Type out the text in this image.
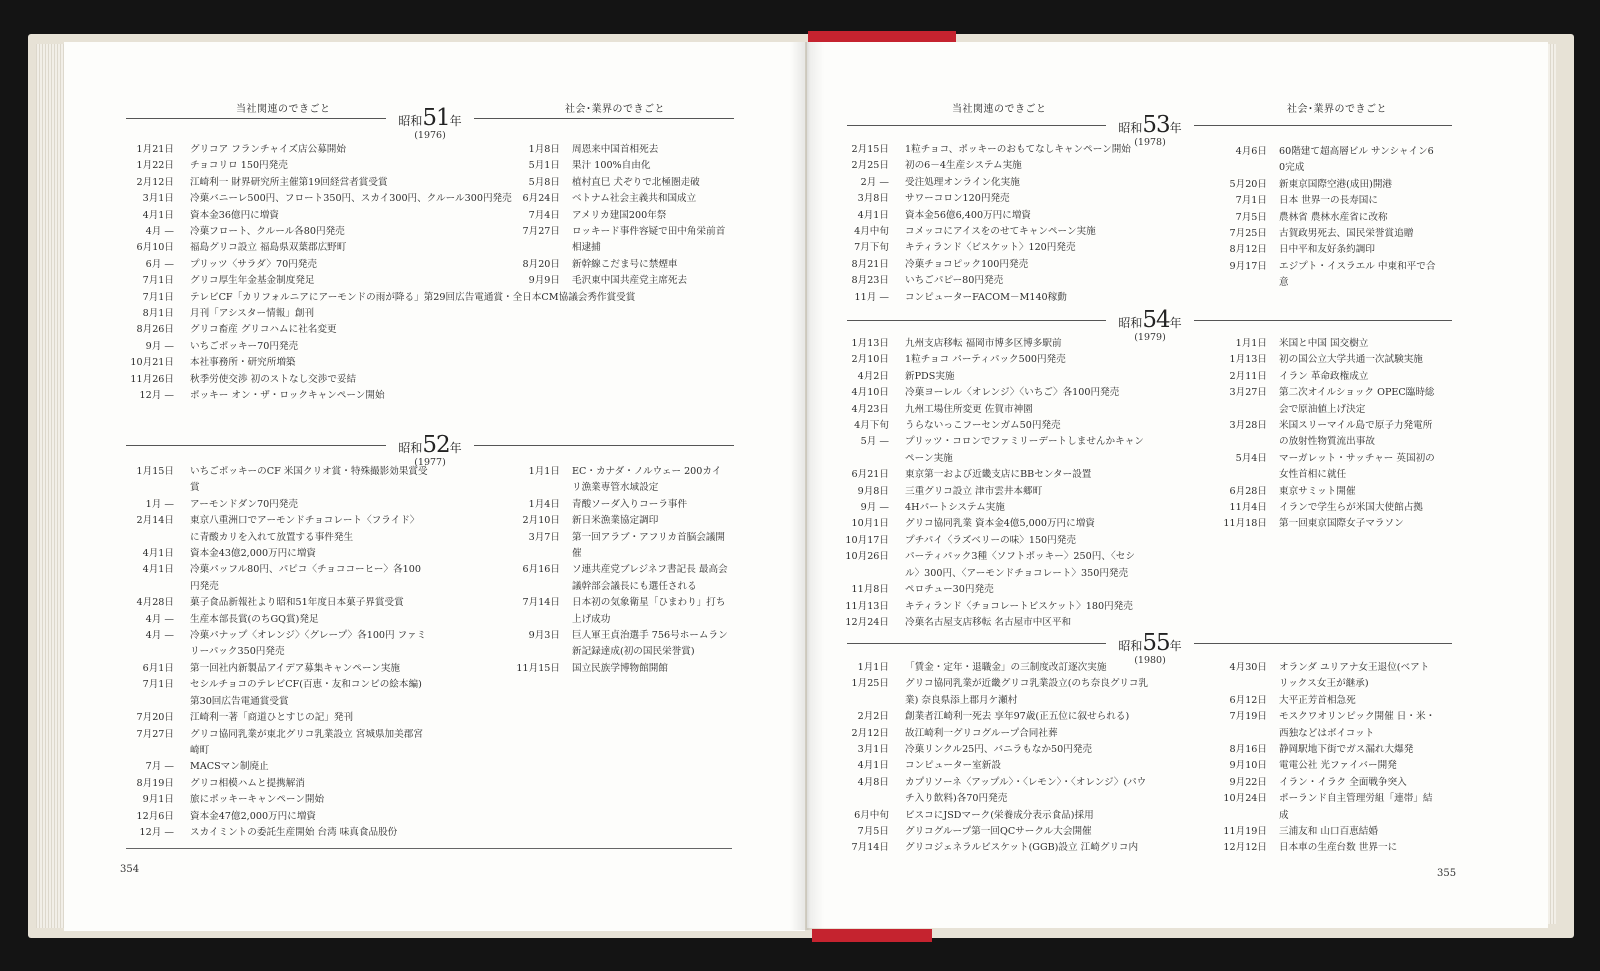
当社関連のできごと	社会･業界のできごと
昭和51年
(1976)
1月21日 グリコア フランチャイズ店公募開始
1月22日 チョコリロ 150円発売
2月12日 江崎利一 財界研究所主催第19回経営者賞受賞
3月1日 冷菓バニーレ500円、フロート350円、スカイ300円、クルール300円発売
4月1日 資本金36億円に増資
4月 — 冷菓フロート、クルール各80円発売
6月10日 福島グリコ設立 福島県双葉郡広野町
6月 — プリッツ〈サラダ〉70円発売
7月1日 グリコ厚生年金基金制度発足
7月1日 テレビCF「カリフォルニアにアーモンドの雨が降る」第29回広告電通賞・全日本CM協議会秀作賞受賞
8月1日 月刊「アシスター情報」創刊
8月26日 グリコ畜産 グリコハムに社名変更
9月 — いちごポッキー70円発売
10月21日 本社事務所・研究所増築
11月26日 秋季労使交渉 初のストなし交渉で妥結
12月 — ポッキー オン・ザ・ロックキャンペーン開始
1月8日 周恩来中国首相死去
5月1日 果汁 100%自由化
5月8日 植村直巳 犬ぞりで北極圏走破
6月24日 ベトナム社会主義共和国成立
7月4日 アメリカ建国200年祭
7月27日 ロッキード事件容疑で田中角栄前首相逮捕
8月20日 新幹線こだま号に禁煙車
9月9日 毛沢東中国共産党主席死去
昭和52年
(1977)
1月15日 いちごポッキーのCF 米国クリオ賞・特殊撮影効果賞受賞
1月 — アーモンドダン70円発売
2月14日 東京八重洲口でアーモンドチョコレート〈フライド〉に青酸カリを入れて放置する事件発生
4月1日 資本金43億2,000万円に増資
4月1日 冷菓パッフル80円、パピコ〈チョココーヒー〉各100円発売
4月28日 菓子食品新報社より昭和51年度日本菓子界賞受賞
4月 — 生産本部長賞(のちGQ賞)発足
4月 — 冷菓パナップ〈オレンジ〉〈グレープ〉各100円 ファミリーパック350円発売
6月1日 第一回社内新製品アイデア募集キャンペーン実施
7月1日 セシルチョコのテレビCF(百恵・友和コンビの絵本編)第30回広告電通賞受賞
7月20日 江崎利一著「商道ひとすじの記」発刊
7月27日 グリコ協同乳業が東北グリコ乳業設立 宮城県加美郡宮崎町
7月 — MACSマン制廃止
8月19日 グリコ相模ハムと提携解消
9月1日 旅にポッキーキャンペーン開始
12月6日 資本金47億2,000万円に増資
12月 — スカイミントの委託生産開始 台湾 味真食品股份
1月1日 EC・カナダ・ノルウェー 200カイリ漁業専管水域設定
1月4日 青酸ソーダ入りコーラ事件
2月10日 新日米漁業協定調印
3月7日 第一回アラブ・アフリカ首脳会議開催
6月16日 ソ連共産党ブレジネフ書記長 最高会議幹部会議長にも選任される
7月14日 日本初の気象衛星「ひまわり」打ち上げ成功
9月3日 巨人軍王貞治選手 756号ホームラン新記録達成(初の国民栄誉賞)
11月15日 国立民族学博物館開館
354
当社関連のできごと	社会･業界のできごと
昭和53年
(1978)
2月15日 1粒チョコ、ポッキーのおもてなしキャンペーン開始
2月25日 初の6－4生産システム実施
2月 — 受注処理オンライン化実施
3月8日 サワーコロン120円発売
4月1日 資本金56億6,400万円に増資
4月中旬 コメッコにアイスをのせてキャンペーン実施
7月下旬 キティランド〈ビスケット〉120円発売
8月21日 冷菓チョコピック100円発売
8月23日 いちごパピー80円発売
11月 — コンピューターFACOM－M140稼動
4月6日 60階建て超高層ビル サンシャイン60完成
5月20日 新東京国際空港(成田)開港
7月1日 日本 世界一の長寿国に
7月5日 農林省 農林水産省に改称
7月25日 古賀政男死去、国民栄誉賞追贈
8月12日 日中平和友好条約調印
9月17日 エジプト・イスラエル 中東和平で合意
昭和54年
(1979)
1月13日 九州支店移転 福岡市博多区博多駅前
2月10日 1粒チョコ パーティパック500円発売
4月2日 新PDS実施
4月10日 冷菓ヨーレル〈オレンジ〉〈いちご〉各100円発売
4月23日 九州工場住所変更 佐賀市神園
4月下旬 うらないっこフーセンガム50円発売
5月 — プリッツ・コロンでファミリーデートしませんかキャンペーン実施
6月21日 東京第一および近畿支店にBBセンター設置
9月8日 三重グリコ設立 津市雲井本郷町
9月 — 4Hパートシステム実施
10月1日 グリコ協同乳業 資本金4億5,000万円に増資
10月17日 プチパイ〈ラズベリーの味〉150円発売
10月26日 パーティパック3種〈ソフトポッキー〉250円、〈セシル〉300円、〈アーモンドチョコレート〉350円発売
11月8日 ペロチュー30円発売
11月13日 キティランド〈チョコレートビスケット〉180円発売
12月24日 冷菓名古屋支店移転 名古屋市中区平和
1月1日 米国と中国 国交樹立
1月13日 初の国公立大学共通一次試験実施
2月11日 イラン 革命政権成立
3月27日 第二次オイルショック OPEC臨時総会で原油値上げ決定
3月28日 米国スリーマイル島で原子力発電所の放射性物質流出事故
5月4日 マーガレット・サッチャー 英国初の女性首相に就任
6月28日 東京サミット開催
11月4日 イランで学生らが米国大使館占拠
11月18日 第一回東京国際女子マラソン
昭和55年
(1980)
1月1日 「賃金・定年・退職金」の三制度改訂逐次実施
1月25日 グリコ協同乳業が近畿グリコ乳業設立(のち奈良グリコ乳業) 奈良県添上郡月ケ瀬村
2月2日 創業者江崎利一死去 享年97歳(正五位に叙せられる)
2月12日 故江崎利一グリコグループ合同社葬
3月1日 冷菓リンクル25円、バニラもなか50円発売
4月1日 コンピューター室新設
4月8日 カプリソーネ〈アップル〉・〈レモン〉・〈オレンジ〉(パウチ入り飲料)各70円発売
6月中旬 ビスコにJSDマーク(栄養成分表示食品)採用
7月5日 グリコグループ第一回QCサークル大会開催
7月14日 グリコジェネラルビスケット(GGB)設立 江崎グリコ内
4月30日 オランダ ユリアナ女王退位(ベアトリックス女王が継承)
6月12日 大平正芳首相急死
7月19日 モスクワオリンピック開催 日・米・西独などはボイコット
8月16日 静岡駅地下街でガス漏れ大爆発
9月10日 電電公社 光ファイバー開発
9月22日 イラン・イラク 全面戦争突入
10月24日 ポーランド自主管理労組「連帯」結成
11月19日 三浦友和 山口百恵結婚
12月12日 日本車の生産台数 世界一に
355
